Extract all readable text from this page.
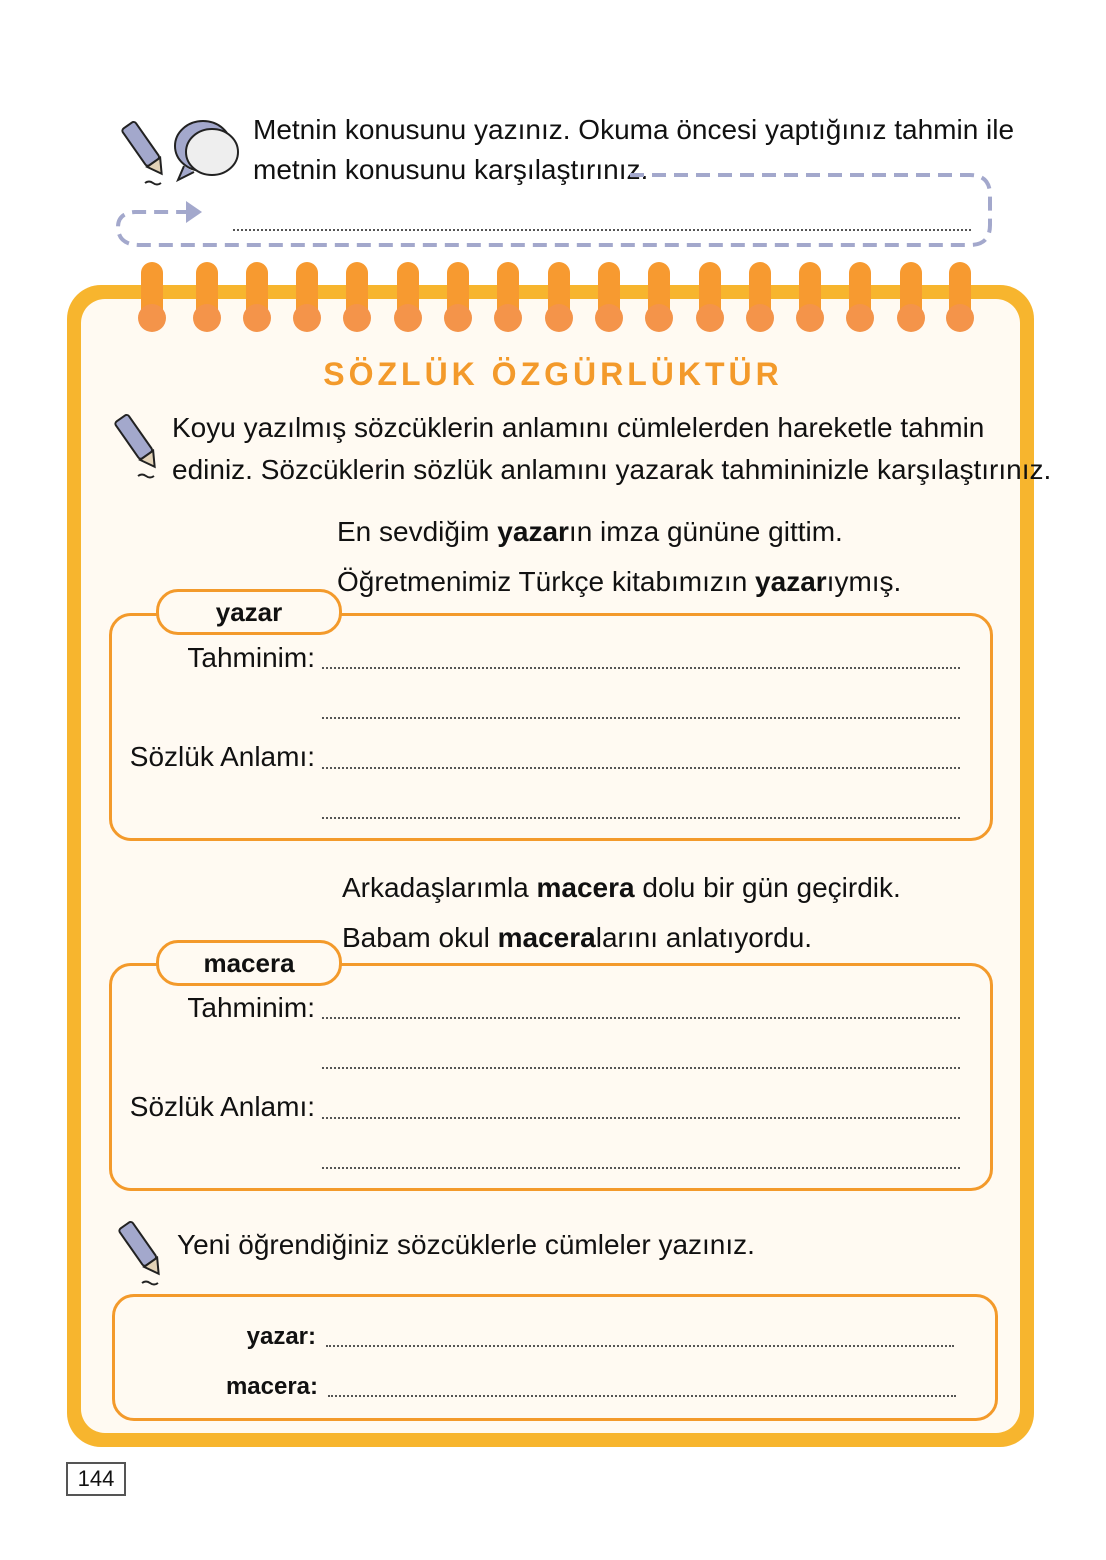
Metnin konusunu yazınız. Okuma öncesi yaptığınız tahmin ile
metnin konusunu karşılaştırınız.
SÖZLÜK ÖZGÜRLÜKTÜR
Koyu yazılmış sözcüklerin anlamını cümlelerden hareketle tahmin
ediniz. Sözcüklerin sözlük anlamını yazarak tahmininizle karşılaştırınız.
En sevdiğim yazarın imza gününe gittim.
Öğretmenimiz Türkçe kitabımızın yazarıymış.
yazar
Tahminim:
Sözlük Anlamı:
Arkadaşlarımla macera dolu bir gün geçirdik.
Babam okul maceralarını anlatıyordu.
macera
Tahminim:
Sözlük Anlamı:
Yeni öğrendiğiniz sözcüklerle cümleler yazınız.
yazar:
macera:
144
